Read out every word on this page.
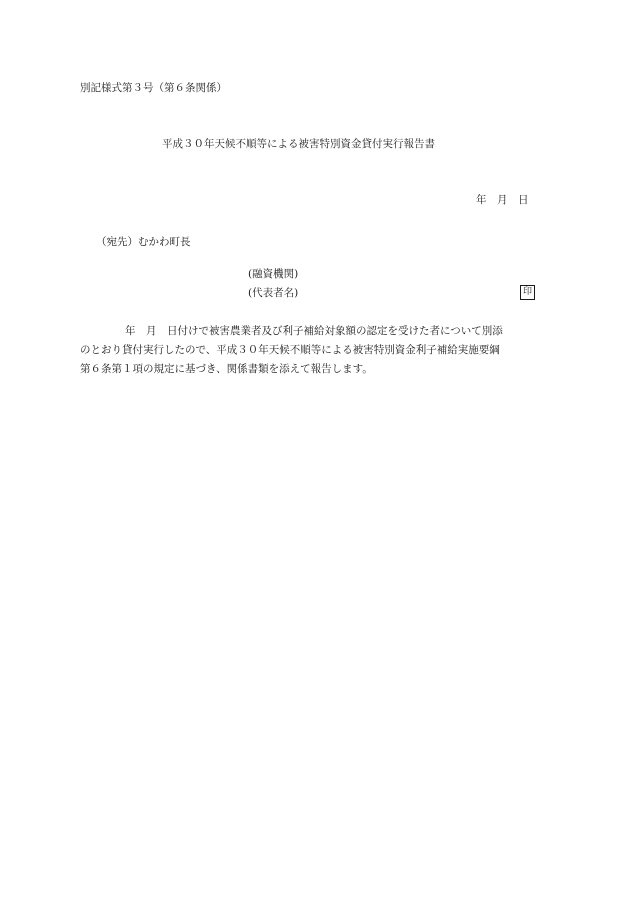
別記様式第３号（第６条関係）
平成３０年天候不順等による被害特別資金貸付実行報告書
年　月　日
（宛先）むかわ町長
(融資機関)
(代表者名)	印
年　月　日付けで被害農業者及び利子補給対象額の認定を受けた者について別添
のとおり貸付実行したので、平成３０年天候不順等による被害特別資金利子補給実施要綱
第６条第１項の規定に基づき、関係書類を添えて報告します。
